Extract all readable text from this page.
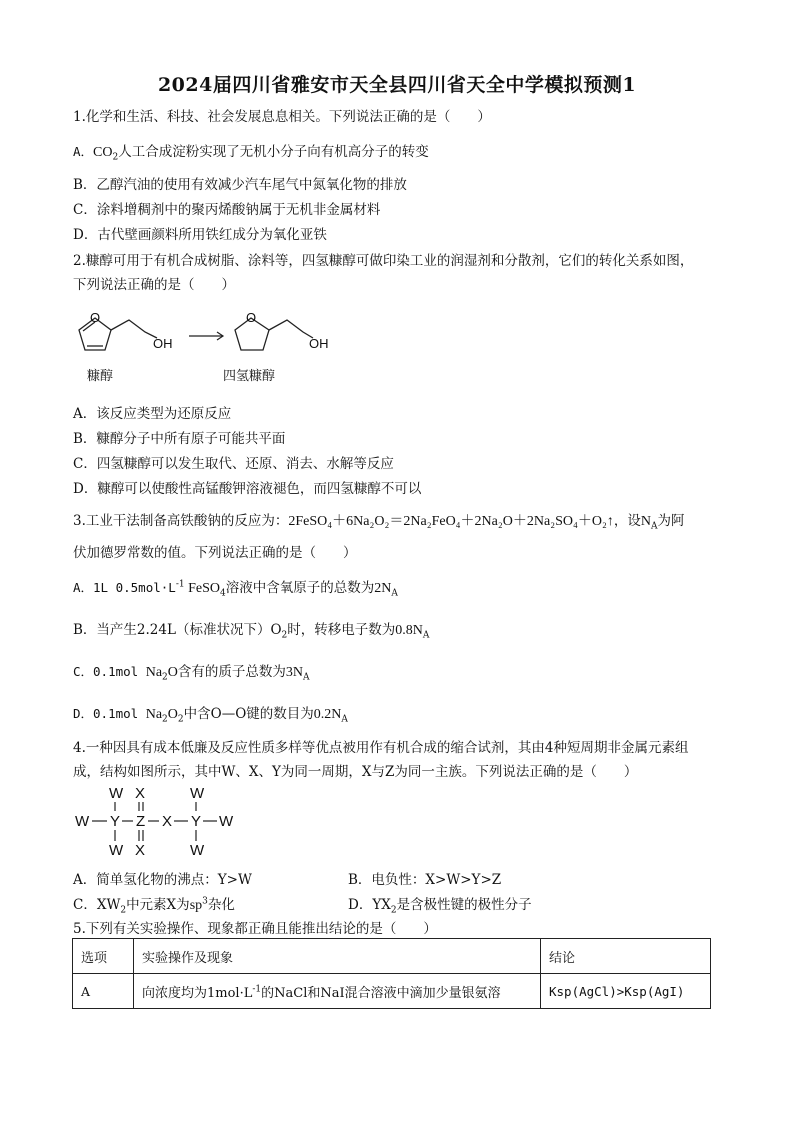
2024届四川省雅安市天全县四川省天全中学模拟预测1
1.化学和生活、科技、社会发展息息相关。下列说法正确的是（　　）
A．$CO_2$人工合成淀粉实现了无机小分子向有机高分子的转变
B．乙醇汽油的使用有效减少汽车尾气中氮氧化物的排放
C．涂料增稠剂中的聚丙烯酸钠属于无机非金属材料
D．古代壁画颜料所用铁红成分为氧化亚铁
2.糠醇可用于有机合成树脂、涂料等，四氢糠醇可做印染工业的润湿剂和分散剂，它们的转化关系如图，
下列说法正确的是（　　）
O
OH
O
OH
糠醇	四氢糠醇
A．该反应类型为还原反应
B．糠醇分子中所有原子可能共平面
C．四氢糠醇可以发生取代、还原、消去、水解等反应
D．糠醇可以使酸性高锰酸钾溶液褪色，而四氢糠醇不可以
3.工业干法制备高铁酸钠的反应为：2FeSO₄＋6Na₂O₂＝2Na₂FeO₄＋2Na₂O＋2Na₂SO₄＋O₂↑，设$N_A$为阿
伏加德罗常数的值。下列说法正确的是（　　）
A．1L $0.5mol\cdot L^{-1}$ FeSO$_4$溶液中含氧原子的总数为$2N_A$
B．当产生2.24L（标准状况下）$O_2$时，转移电子数为$0.8N_A$
C．0.1mol $Na_2O$含有的质子总数为$3N_A$
D．0.1mol $Na_2O_2$中含O—O键的数目为$0.2N_A$
4.一种因具有成本低廉及反应性质多样等优点被用作有机合成的缩合试剂，其由4种短周期非金属元素组
成，结构如图所示，其中W、X、Y为同一周期，X与Z为同一主族。下列说法正确的是（　　）
W X	W
W Y Z X Y W
W X	W
A．简单氢化物的沸点：Y>W	B．电负性：X>W>Y>Z
C．$XW_2$中元素X为$sp^3$杂化	D．$YX_2$是含极性键的极性分子
5.下列有关实验操作、现象都正确且能推出结论的是（　　）
选项	实验操作及现象	结论
A	向浓度均为$1mol\cdot L^{-1}$的NaCl和NaI混合溶液中滴加少量银氨溶	Ksp(AgCl)>Ksp(AgI)
